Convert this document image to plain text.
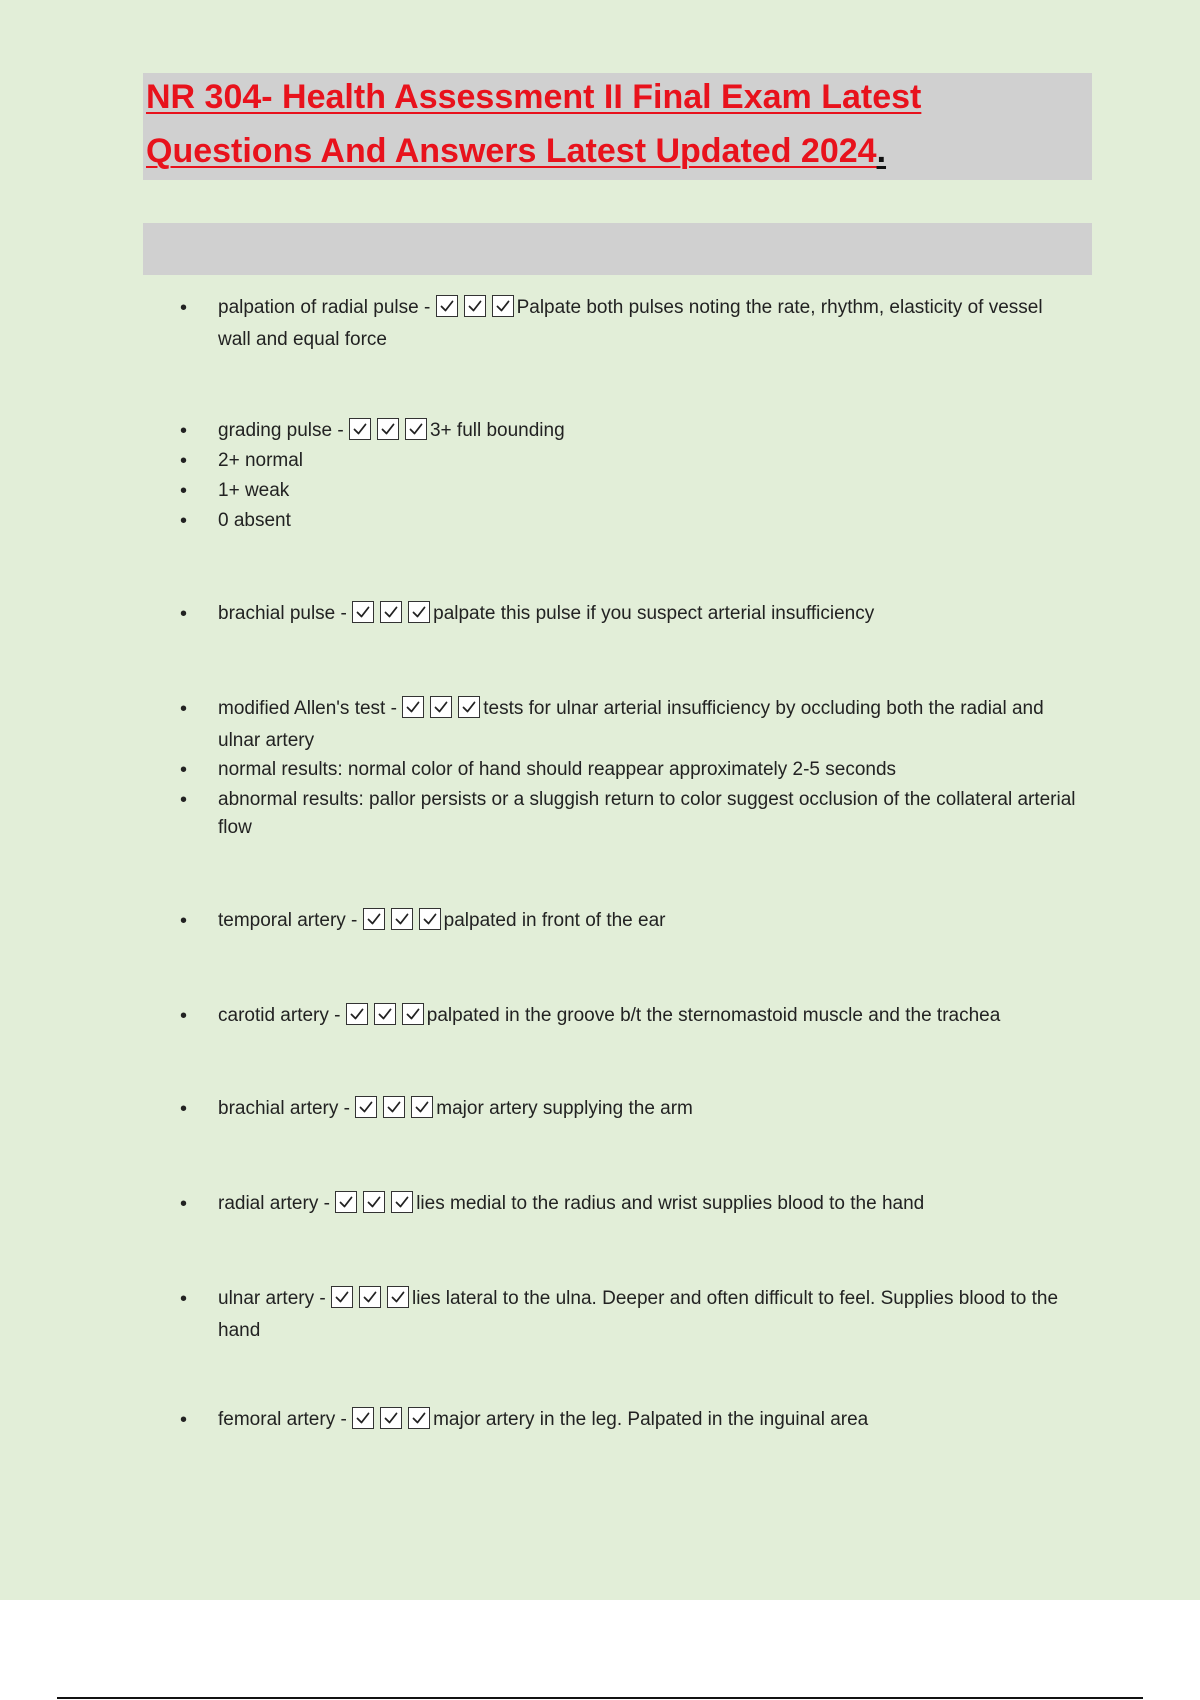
NR 304- Health Assessment II Final Exam Latest
Questions And Answers Latest Updated 2024.
• palpation of radial pulse -	Palpate both pulses noting the rate, rhythm, elasticity of vessel wall and equal force
• grading pulse -	3+ full bounding
• 2+ normal
• 1+ weak
• 0 absent
• brachial pulse -	palpate this pulse if you suspect arterial insufficiency
• modified Allen's test -	tests for ulnar arterial insufficiency by occluding both the radial and ulnar artery
• normal results: normal color of hand should reappear approximately 2-5 seconds
• abnormal results: pallor persists or a sluggish return to color suggest occlusion of the collateral arterial flow
• temporal artery -	palpated in front of the ear
• carotid artery -	palpated in the groove b/t the sternomastoid muscle and the trachea
• brachial artery -	major artery supplying the arm
• radial artery -	lies medial to the radius and wrist supplies blood to the hand
• ulnar artery -	lies lateral to the ulna. Deeper and often difficult to feel. Supplies blood to the hand
• femoral artery -	major artery in the leg. Palpated in the inguinal area
